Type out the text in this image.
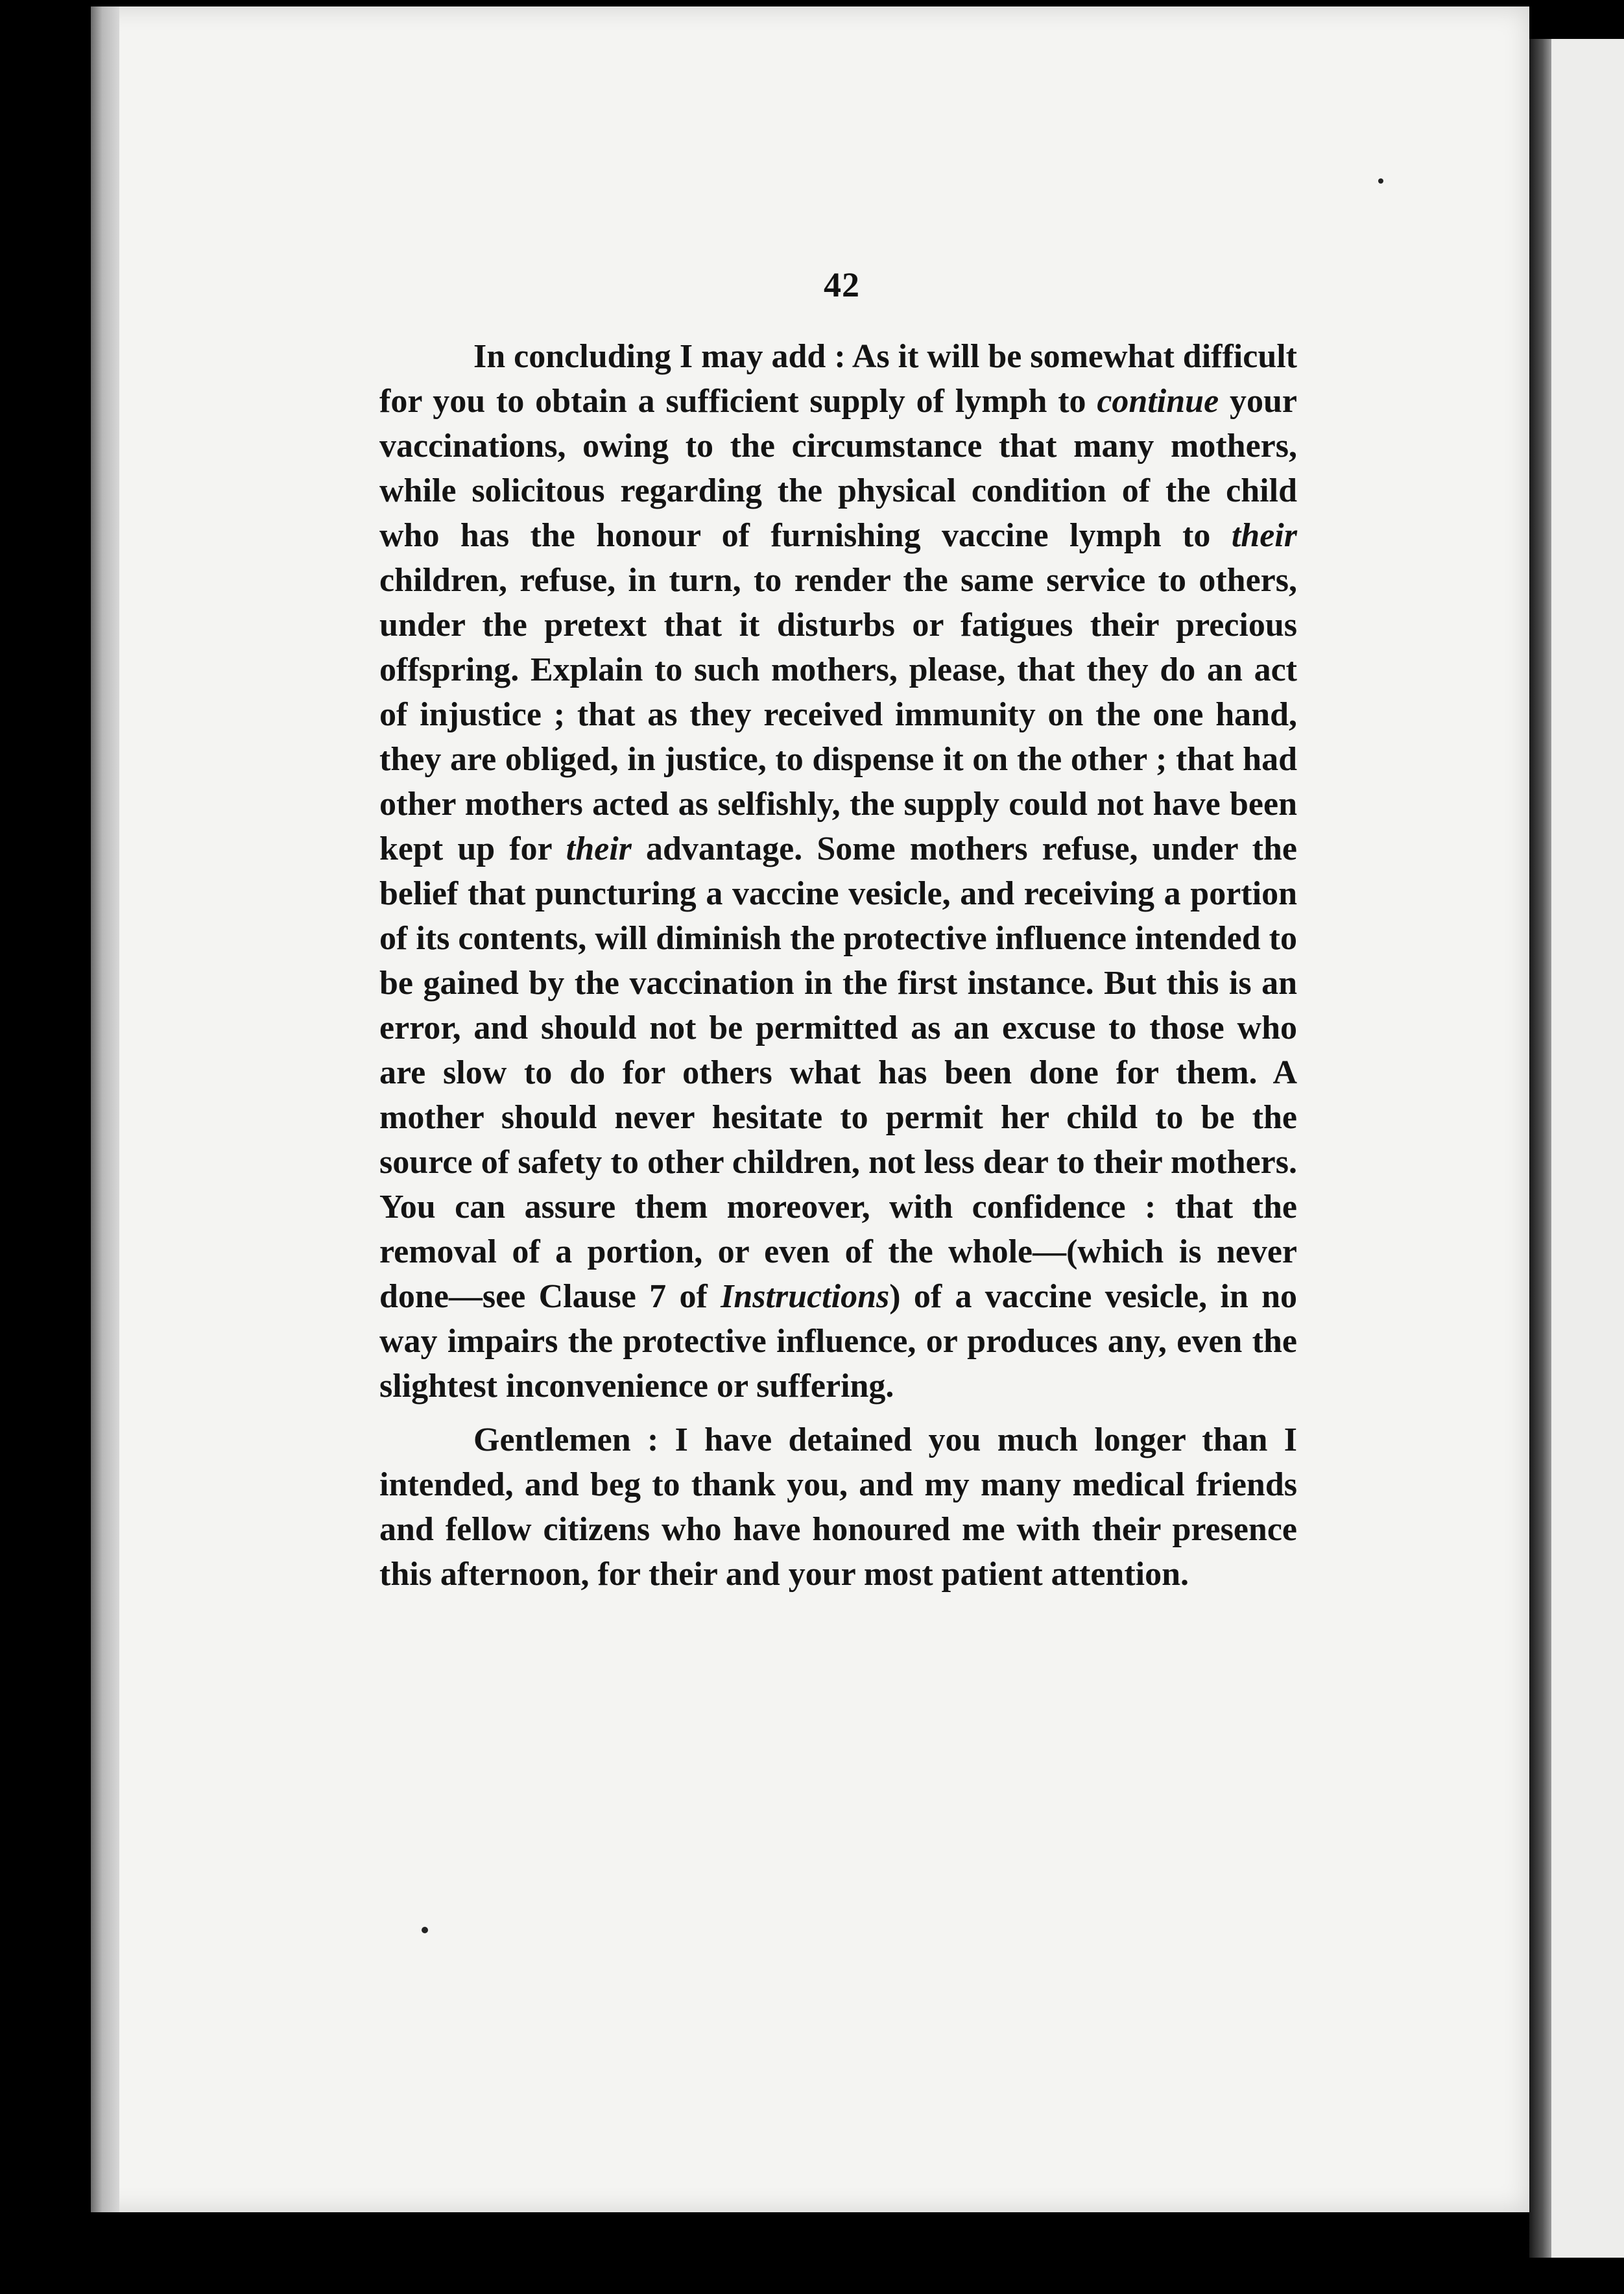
42

In concluding I may add : As it will be somewhat difficult for you to obtain a sufficient supply of lymph to continue your vaccinations, owing to the circumstance that many mothers, while solicitous regarding the physical condition of the child who has the honour of furnishing vaccine lymph to their children, refuse, in turn, to render the same service to others, under the pretext that it disturbs or fatigues their precious offspring. Explain to such mothers, please, that they do an act of injustice ; that as they received immunity on the one hand, they are obliged, in justice, to dispense it on the other ; that had other mothers acted as selfishly, the supply could not have been kept up for their advantage. Some mothers refuse, under the belief that puncturing a vaccine vesicle, and receiving a portion of its contents, will diminish the protective influence intended to be gained by the vaccination in the first instance. But this is an error, and should not be permitted as an excuse to those who are slow to do for others what has been done for them. A mother should never hesitate to permit her child to be the source of safety to other children, not less dear to their mothers. You can assure them moreover, with confidence : that the removal of a portion, or even of the whole—(which is never done—see Clause 7 of Instructions) of a vaccine vesicle, in no way impairs the protective influence, or produces any, even the slightest inconvenience or suffering.

Gentlemen : I have detained you much longer than I intended, and beg to thank you, and my many medical friends and fellow citizens who have honoured me with their presence this afternoon, for their and your most patient attention.
